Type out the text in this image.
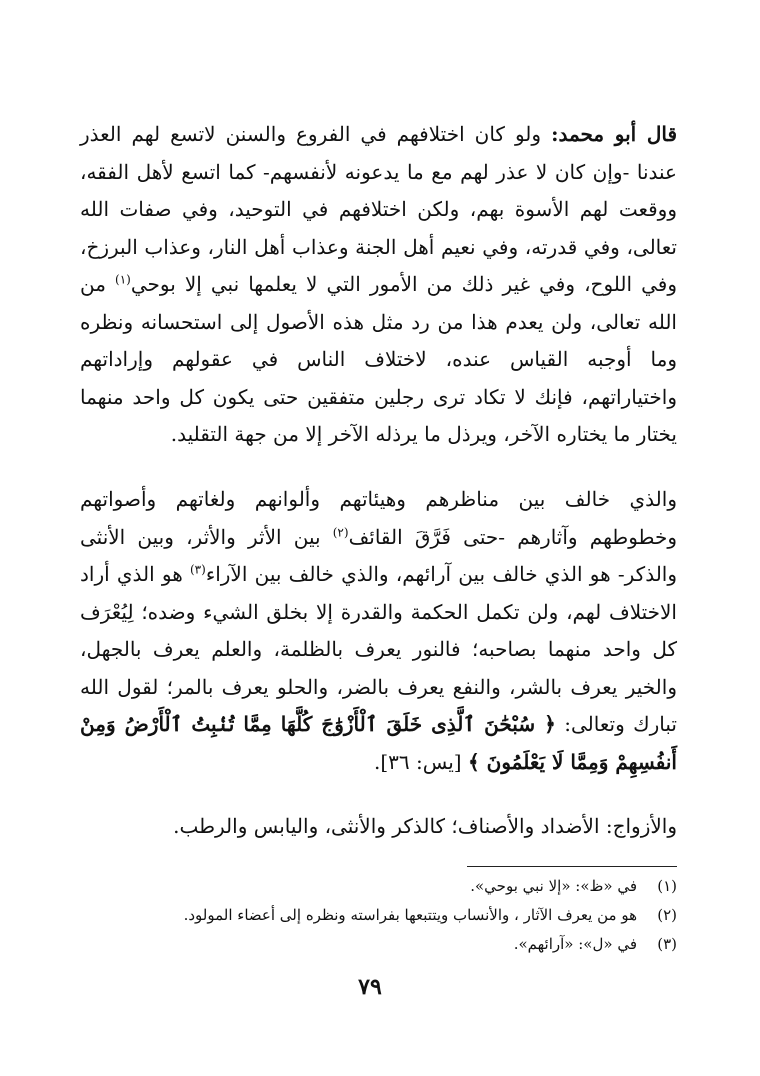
قال أبو محمد: ولو كان اختلافهم في الفروع والسنن لاتسع لهم العذر عندنا -وإن كان لا عذر لهم مع ما يدعونه لأنفسهم- كما اتسع لأهل الفقه، ووقعت لهم الأسوة بهم، ولكن اختلافهم في التوحيد، وفي صفات الله تعالى، وفي قدرته، وفي نعيم أهل الجنة وعذاب أهل النار، وعذاب البرزخ، وفي اللوح، وفي غير ذلك من الأمور التي لا يعلمها نبي إلا بوحي$^{(١)}$ من الله تعالى، ولن يعدم هذا من رد مثل هذه الأصول إلى استحسانه ونظره وما أوجبه القياس عنده، لاختلاف الناس في عقولهم وإراداتهم واختياراتهم، فإنك لا تكاد ترى رجلين متفقين حتى يكون كل واحد منهما يختار ما يختاره الآخر، ويرذل ما يرذله الآخر إلا من جهة التقليد.
والذي خالف بين مناظرهم وهيئاتهم وألوانهم ولغاتهم وأصواتهم وخطوطهم وآثارهم -حتى فَرَّقَ القائف$^{(٢)}$ بين الأثر والأثر، وبين الأنثى والذكر- هو الذي خالف بين آرائهم، والذي خالف بين الآراء$^{(٣)}$ هو الذي أراد الاختلاف لهم، ولن تكمل الحكمة والقدرة إلا بخلق الشيء وضده؛ لِيُعْرَف كل واحد منهما بصاحبه؛ فالنور يعرف بالظلمة، والعلم يعرف بالجهل، والخير يعرف بالشر، والنفع يعرف بالضر، والحلو يعرف بالمر؛ لقول الله تبارك وتعالى: ﴿ سُبْحَٰنَ ٱلَّذِى خَلَقَ ٱلْأَزْوَٰجَ كُلَّهَا مِمَّا تُنۢبِتُ ٱلْأَرْضُ وَمِنْ أَنفُسِهِمْ وَمِمَّا لَا يَعْلَمُونَ ﴾ [يس: ٣٦].
والأزواج: الأضداد والأصناف؛ كالذكر والأنثى، واليابس والرطب.
(١)في «ظ»: «إلا نبي بوحي».
(٢)هو من يعرف الآثار ، والأنساب ويتتبعها بفراسته ونظره إلى أعضاء المولود.
(٣)في «ل»: «آرائهم».
٧٩
